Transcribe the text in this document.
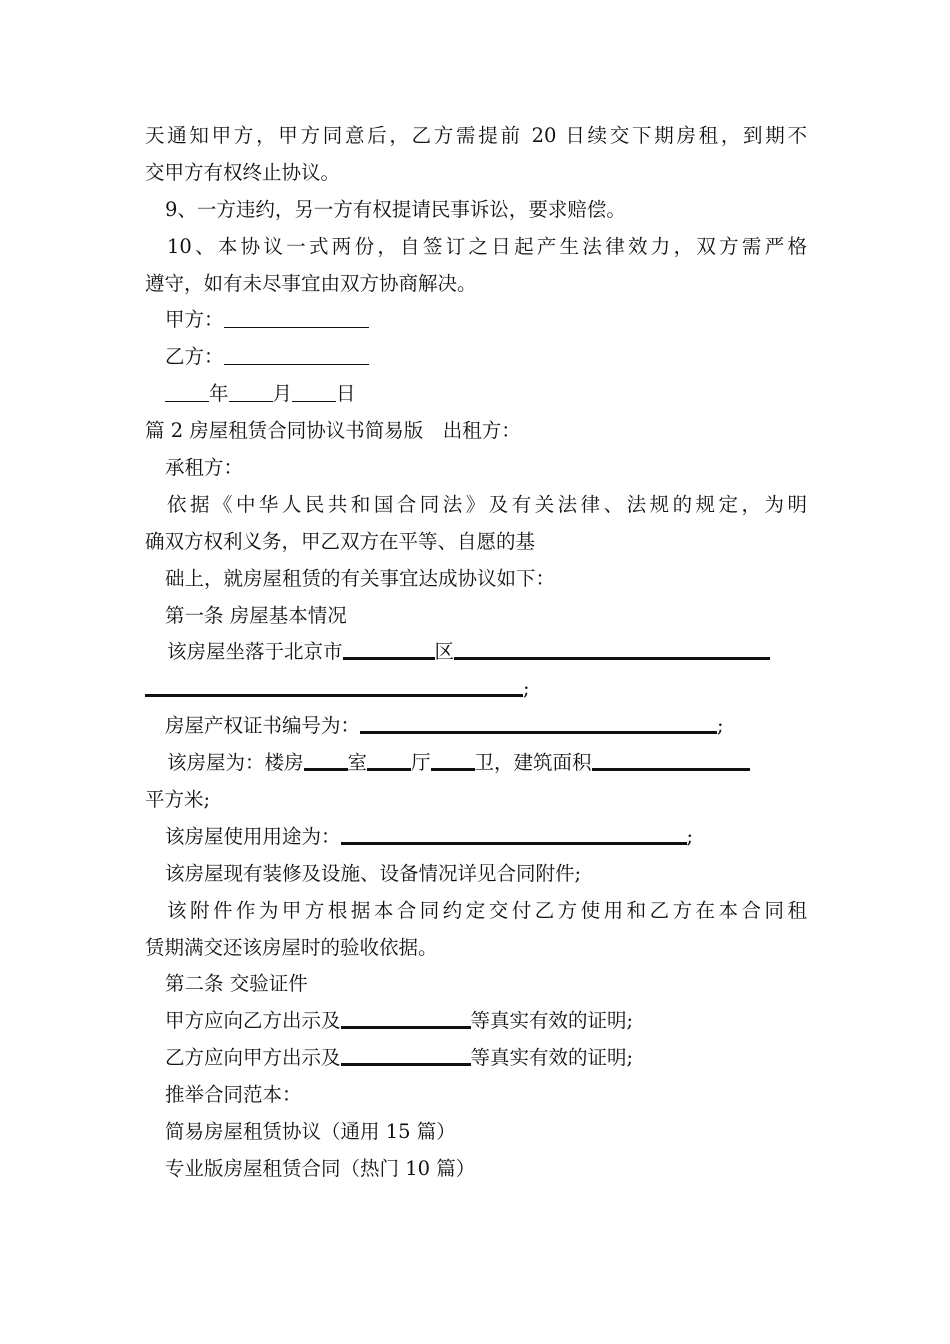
天通知甲方，甲方同意后，乙方需提前 20 日续交下期房租，到期不
交甲方有权终止协议。
9、一方违约，另一方有权提请民事诉讼，要求赔偿。
10、本协议一式两份，自签订之日起产生法律效力，双方需严格
遵守，如有未尽事宜由双方协商解决。
甲方：
乙方：
年 月 日
篇 2 房屋租赁合同协议书简易版　出租方：
承租方：
依据《中华人民共和国合同法》及有关法律、法规的规定，为明
确双方权利义务，甲乙双方在平等、自愿的基
础上，就房屋租赁的有关事宜达成协议如下：
第一条 房屋基本情况
该房屋坐落于北京市	区
;
房屋产权证书编号为：	;
该房屋为：楼房 室 厅 卫，建筑面积
平方米;
该房屋使用用途为：	;
该房屋现有装修及设施、设备情况详见合同附件;
该附件作为甲方根据本合同约定交付乙方使用和乙方在本合同租
赁期满交还该房屋时的验收依据。
第二条 交验证件
甲方应向乙方出示及	等真实有效的证明;
乙方应向甲方出示及	等真实有效的证明;
推举合同范本：
简易房屋租赁协议（通用 15 篇）
专业版房屋租赁合同（热门 10 篇）
